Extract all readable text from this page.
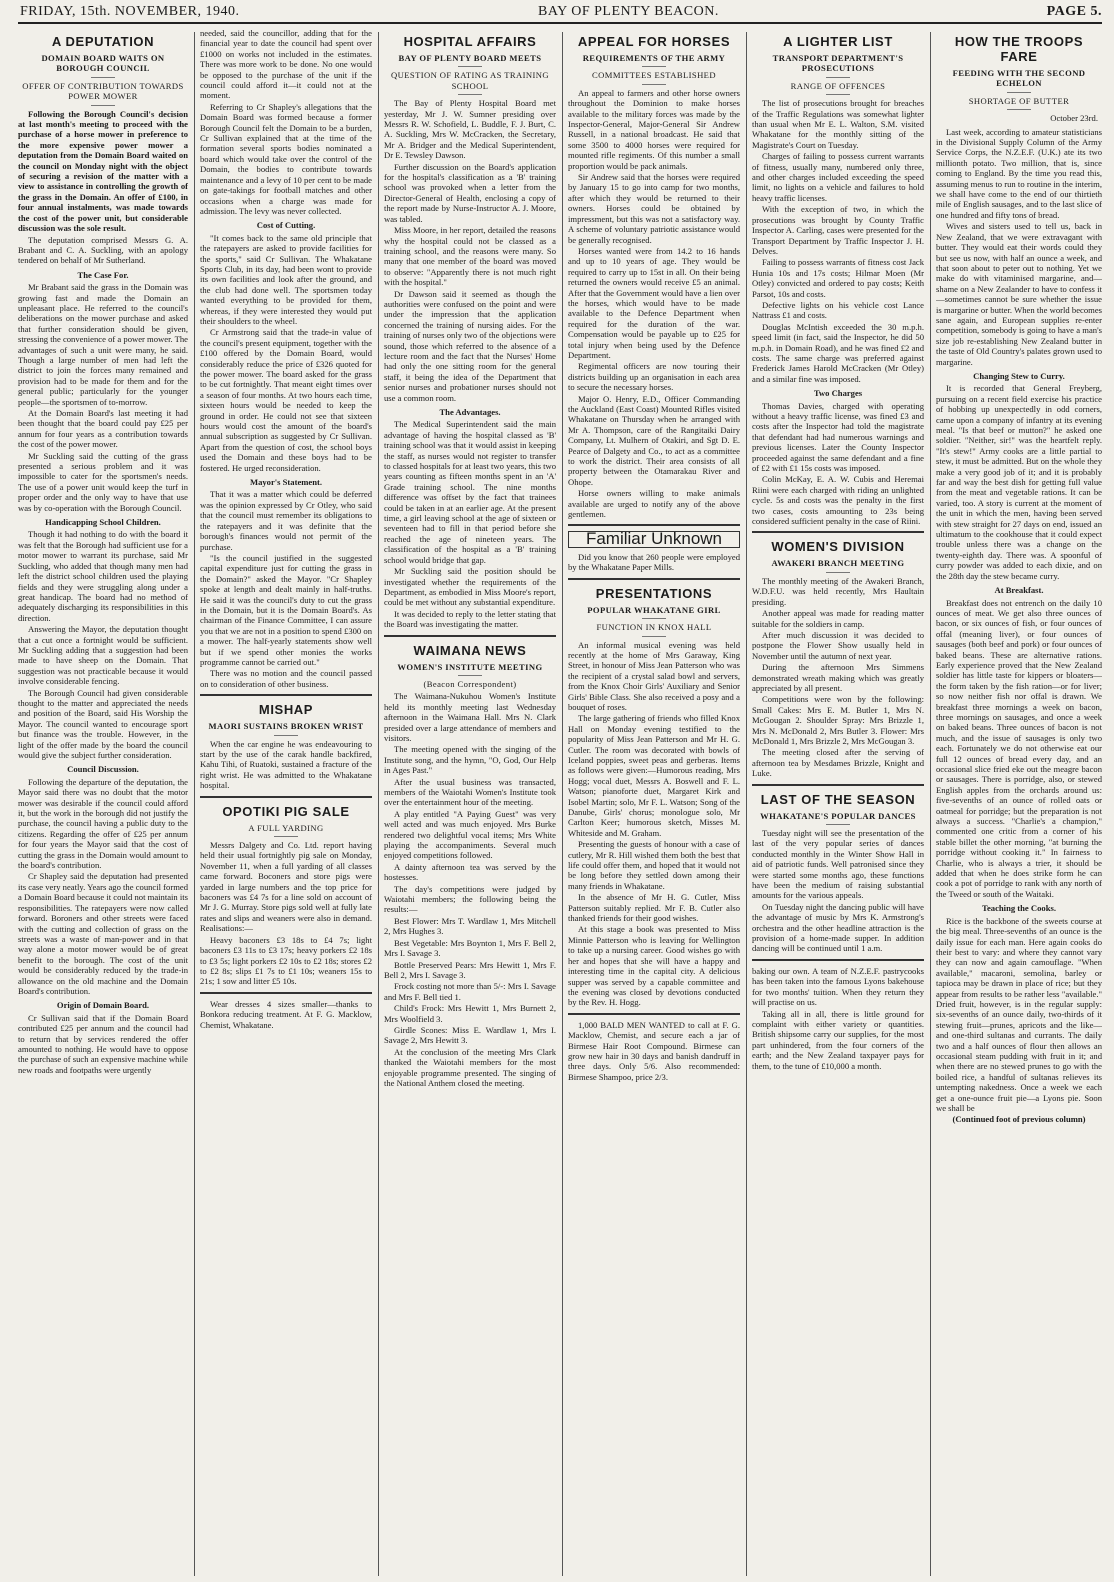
FRIDAY, 15th. NOVEMBER, 1940.	BAY OF PLENTY BEACON.	PAGE 5.
A DEPUTATION
DOMAIN BOARD WAITS ON BOROUGH COUNCIL
OFFER OF CONTRIBUTION TOWARDS POWER MOWER

Following the Borough Council's decision at last month's meeting to proceed with the purchase of a horse mower in preference to the more expensive power mower a deputation from the Domain Board waited on the council on Monday night with the object of securing a revision of the matter with a view to assistance in controlling the growth of the grass in the Domain. An offer of £100, in four annual instalments, was made towards the cost of the power unit, but considerable discussion was the sole result.

The deputation comprised Messrs G. A. Brabant and C. A. Suckling, with an apology tendered on behalf of Mr Sutherland.

The Case For.

Mr Brabant said the grass in the Domain was growing fast and made the Domain an unpleasant place. He referred to the council's deliberations on the mower purchase and asked that further consideration should be given, stressing the convenience of a power mower. The advantages of such a unit were many, he said. Though a large number of men had left the district to join the forces many remained and provision had to be made for them and for the general public; particularly for the younger people—the sportsmen of to-morrow.

At the Domain Board's last meeting it had been thought that the board could pay £25 per annum for four years as a contribution towards the cost of the power mower.

Mr Suckling said the cutting of the grass presented a serious problem and it was impossible to cater for the sportsmen's needs. The use of a power unit would keep the turf in proper order and the only way to have that use was by co-operation with the Borough Council.

Handicapping School Children.

Though it had nothing to do with the board it was felt that the Borough had sufficient use for a motor mower to warrant its purchase, said Mr Suckling, who added that though many men had left the district school children used the playing fields and they were struggling along under a great handicap. The board had no method of adequately discharging its responsibilities in this direction.

Answering the Mayor, the deputation thought that a cut once a fortnight would be sufficient. Mr Suckling adding that a suggestion had been made to have sheep on the Domain. That suggestion was not practicable because it would involve considerable fencing.

The Borough Council had given considerable thought to the matter and appreciated the needs and position of the Board, said His Worship the Mayor. The council wanted to encourage sport but finance was the trouble. However, in the light of the offer made by the board the council would give the subject further consideration.

Council Discussion.

Following the departure of the deputation, the Mayor said there was no doubt that the motor mower was desirable if the council could afford it, but the work in the borough did not justify the purchase, the council having a public duty to the citizens. Regarding the offer of £25 per annum for four years the Mayor said that the cost of cutting the grass in the Domain would amount to the board's contribution.

Cr Shapley said the deputation had presented its case very neatly. Years ago the council formed a Domain Board because it could not maintain its responsibilities. The ratepayers were now called forward. Boroners and other streets were faced with the cutting and collection of grass on the streets was a waste of man-power and in that way alone a motor mower would be of great benefit to the borough. The cost of the unit would be considerably reduced by the trade-in allowance on the old machine and the Domain Board's contribution.

Origin of Domain Board.

Cr Sullivan said that if the Domain Board contributed £25 per annum and the council had to return that by services rendered the offer amounted to nothing. He would have to oppose the purchase of such an expensive machine while new roads and footpaths were urgently

needed, said the councillor, adding that for the financial year to date the council had spent over £1000 on works not included in the estimates. There was more work to be done. No one would be opposed to the purchase of the unit if the council could afford it—it could not at the moment.

Referring to Cr Shapley's allegations that the Domain Board was formed because a former Borough Council felt the Domain to be a burden, Cr Sullivan explained that at the time of the formation several sports bodies nominated a board which would take over the control of the Domain, the bodies to contribute towards maintenance and a levy of 10 per cent to be made on gate-takings for football matches and other occasions when a charge was made for admission. The levy was never collected.

Cost of Cutting.

"It comes back to the same old principle that the ratepayers are asked to provide facilities for the sports," said Cr Sullivan. The Whakatane Sports Club, in its day, had been wont to provide its own facilities and look after the ground, and the club had done well. The sportsmen today wanted everything to be provided for them, whereas, if they were interested they would put their shoulders to the wheel.

Cr Armstrong said that the trade-in value of the council's present equipment, together with the £100 offered by the Domain Board, would considerably reduce the price of £326 quoted for the power mower. The board asked for the grass to be cut fortnightly. That meant eight times over a season of four months. At two hours each time, sixteen hours would be needed to keep the ground in order. He could not see that sixteen hours would cost the amount of the board's annual subscription as suggested by Cr Sullivan. Apart from the question of cost, the school boys used the Domain and these boys had to be fostered. He urged reconsideration.

Mayor's Statement.

That it was a matter which could be deferred was the opinion expressed by Cr Otley, who said that the council must remember its obligations to the ratepayers and it was definite that the borough's finances would not permit of the purchase.

"Is the council justified in the suggested capital expenditure just for cutting the grass in the Domain?" asked the Mayor. "Cr Shapley spoke at length and dealt mainly in half-truths. He said it was the council's duty to cut the grass in the Domain, but it is the Domain Board's. As chairman of the Finance Committee, I can assure you that we are not in a position to spend £300 on a mower. The half-yearly statements show well but if we spend other monies the works programme cannot be carried out."

There was no motion and the council passed on to consideration of other business.

MISHAP
MAORI SUSTAINS BROKEN WRIST

When the car engine he was endeavouring to start by the use of the carak handle backfired, Kahu Tihi, of Ruatoki, sustained a fracture of the right wrist. He was admitted to the Whakatane hospital.

OPOTIKI PIG SALE
A FULL YARDING

Messrs Dalgety and Co. Ltd. report having held their usual fortnightly pig sale on Monday, November 11, when a full yarding of all classes came forward. Boconers and store pigs were yarded in large numbers and the top price for baconers was £4 7s for a line sold on account of Mr J. G. Murray. Store pigs sold well at fully late rates and slips and weaners were also in demand. Realisations:—

Heavy baconers £3 18s to £4 7s; light baconers £3 11s to £3 17s; heavy porkers £2 18s to £3 5s; light porkers £2 10s to £2 18s; stores £2 to £2 8s; slips £1 7s to £1 10s; weaners 15s to 21s; 1 sow and litter £5 10s.

Wear dresses 4 sizes smaller—thanks to Bonkora reducing treatment. At F. G. Macklow, Chemist, Whakatane.

HOSPITAL AFFAIRS
BAY OF PLENTY BOARD MEETS
QUESTION OF RATING AS TRAINING SCHOOL

The Bay of Plenty Hospital Board met yesterday, Mr J. W. Sumner presiding over Messrs R. W. Schofield, L. Buddle, F. J. Burt, C. A. Suckling, Mrs W. McCracken, the Secretary, Mr A. Bridger and the Medical Superintendent, Dr E. Tewsley Dawson.

Further discussion on the Board's application for the hospital's classification as a 'B' training school was provoked when a letter from the Director-General of Health, enclosing a copy of the report made by Nurse-Instructor A. J. Moore, was tabled.

Miss Moore, in her report, detailed the reasons why the hospital could not be classed as a training school, and the reasons were many. So many that one member of the board was moved to observe: "Apparently there is not much right with the hospital."

Dr Dawson said it seemed as though the authorities were confused on the point and were under the impression that the application concerned the training of nursing aides. For the training of nurses only two of the objections were sound, those which referred to the absence of a lecture room and the fact that the Nurses' Home had only the one sitting room for the general staff, it being the idea of the Department that senior nurses and probationer nurses should not use a common room.

The Advantages.

The Medical Superintendent said the main advantage of having the hospital classed as 'B' training school was that it would assist in keeping the staff, as nurses would not register to transfer to classed hospitals for at least two years, this two years counting as fifteen months spent in an 'A' Grade training school. The nine months difference was offset by the fact that trainees could be taken in at an earlier age. At the present time, a girl leaving school at the age of sixteen or seventeen had to fill in that period before she reached the age of nineteen years. The classification of the hospital as a 'B' training school would bridge that gap.

Mr Suckling said the position should be investigated whether the requirements of the Department, as embodied in Miss Moore's report, could be met without any substantial expenditure.

It was decided to reply to the letter stating that the Board was investigating the matter.

WAIMANA NEWS
WOMEN'S INSTITUTE MEETING
(Beacon Correspondent)

The Waimana-Nukuhou Women's Institute held its monthly meeting last Wednesday afternoon in the Waimana Hall. Mrs N. Clark presided over a large attendance of members and visitors.

The meeting opened with the singing of the Institute song, and the hymn, "O, God, Our Help in Ages Past."

After the usual business was transacted, members of the Waiotahi Women's Institute took over the entertainment hour of the meeting.

A play entitled "A Paying Guest" was very well acted and was much enjoyed. Mrs Burke rendered two delightful vocal items; Mrs White playing the accompaniments. Several much enjoyed competitions followed.

A dainty afternoon tea was served by the hostesses.

The day's competitions were judged by Waiotahi members; the following being the results:—

Best Flower: Mrs T. Wardlaw 1, Mrs Mitchell 2, Mrs Hughes 3.

Best Vegetable: Mrs Boynton 1, Mrs F. Bell 2, Mrs I. Savage 3.

Bottle Preserved Pears: Mrs Hewitt 1, Mrs F. Bell 2, Mrs I. Savage 3.

Frock costing not more than 5/-: Mrs I. Savage and Mrs F. Bell tied 1.

Child's Frock: Mrs Hewitt 1, Mrs Burnett 2, Mrs Woolfield 3.

Girdle Scones: Miss E. Wardlaw 1, Mrs I. Savage 2, Mrs Hewitt 3.

At the conclusion of the meeting Mrs Clark thanked the Waiotahi members for the most enjoyable programme presented. The singing of the National Anthem closed the meeting.

APPEAL FOR HORSES
REQUIREMENTS OF THE ARMY
COMMITTEES ESTABLISHED

An appeal to farmers and other horse owners throughout the Dominion to make horses available to the military forces was made by the Inspector-General, Major-General Sir Andrew Russell, in a national broadcast. He said that some 3500 to 4000 horses were required for mounted rifle regiments. Of this number a small proportion would be pack animals.

Sir Andrew said that the horses were required by January 15 to go into camp for two months, after which they would be returned to their owners. Horses could be obtained by impressment, but this was not a satisfactory way. A scheme of voluntary patriotic assistance would be generally recognised.

Horses wanted were from 14.2 to 16 hands and up to 10 years of age. They would be required to carry up to 15st in all. On their being returned the owners would receive £5 an animal. After that the Government would have a lien over the horses, which would have to be made available to the Defence Department when required for the duration of the war. Compensation would be payable up to £25 for total injury when being used by the Defence Department.

Regimental officers are now touring their districts building up an organisation in each area to secure the necessary horses.

Major O. Henry, E.D., Officer Commanding the Auckland (East Coast) Mounted Rifles visited Whakatane on Thursday when he arranged with Mr A. Thompson, care of the Rangitaiki Dairy Company, Lt. Mulhern of Otakiri, and Sgt D. E. Pearce of Dalgety and Co., to act as a committee to work the district. Their area consists of all property between the Otamarakau River and Ohope.

Horse owners willing to make animals available are urged to notify any of the above gentlemen.

Familiar Unknown

Did you know that 260 people were employed by the Whakatane Paper Mills.

PRESENTATIONS
POPULAR WHAKATANE GIRL
FUNCTION IN KNOX HALL

An informal musical evening was held recently at the home of Mrs Garaway, King Street, in honour of Miss Jean Patterson who was the recipient of a crystal salad bowl and servers, from the Knox Choir Girls' Auxiliary and Senior Girls' Bible Class. She also received a posy and a bouquet of roses.

The large gathering of friends who filled Knox Hall on Monday evening testified to the popularity of Miss Jean Patterson and Mr H. G. Cutler. The room was decorated with bowls of Iceland poppies, sweet peas and gerberas. Items as follows were given:—Humorous reading, Mrs Hogg; vocal duet, Messrs A. Boswell and F. L. Watson; pianoforte duet, Margaret Kirk and Isobel Martin; solo, Mr F. L. Watson; Song of the Danube, Girls' chorus; monologue solo, Mr Carlton Keer; humorous sketch, Misses M. Whiteside and M. Graham.

Presenting the guests of honour with a case of cutlery, Mr R. Hill wished them both the best that life could offer them, and hoped that it would not be long before they settled down among their many friends in Whakatane.

In the absence of Mr H. G. Cutler, Miss Patterson suitably replied. Mr F. B. Cutler also thanked friends for their good wishes.

At this stage a book was presented to Miss Minnie Patterson who is leaving for Wellington to take up a nursing career. Good wishes go with her and hopes that she will have a happy and interesting time in the capital city. A delicious supper was served by a capable committee and the evening was closed by devotions conducted by the Rev. H. Hogg.

1,000 BALD MEN WANTED to call at F. G. Macklow, Chemist, and secure each a jar of Birmese Hair Root Compound. Birmese can grow new hair in 30 days and banish dandruff in three days. Only 5/6. Also recommended: Birmese Shampoo, price 2/3.

A LIGHTER LIST
TRANSPORT DEPARTMENT'S PROSECUTIONS
RANGE OF OFFENCES

The list of prosecutions brought for breaches of the Traffic Regulations was somewhat lighter than usual when Mr E. L. Walton, S.M. visited Whakatane for the monthly sitting of the Magistrate's Court on Tuesday.

Charges of failing to possess current warrants of fitness, usually many, numbered only three, and other charges included exceeding the speed limit, no lights on a vehicle and failures to hold heavy traffic licenses.

With the exception of two, in which the prosecutions was brought by County Traffic Inspector A. Carling, cases were presented for the Transport Department by Traffic Inspector J. H. Delves.

Failing to possess warrants of fitness cost Jack Hunia 10s and 17s costs; Hilmar Moen (Mr Otley) convicted and ordered to pay costs; Keith Parsot, 10s and costs.

Defective lights on his vehicle cost Lance Nattrass £1 and costs.

Douglas McIntish exceeded the 30 m.p.h. speed limit (in fact, said the Inspector, he did 50 m.p.h. in Domain Road), and he was fined £2 and costs. The same charge was preferred against Frederick James Harold McCracken (Mr Otley) and a similar fine was imposed.

Two Charges

Thomas Davies, charged with operating without a heavy traffic license, was fined £3 and costs after the Inspector had told the magistrate that defendant had had numerous warnings and previous licenses. Later the County Inspector proceeded against the same defendant and a fine of £2 with £1 15s costs was imposed.

Colin McKay, E. A. W. Cubis and Heremai Riini were each charged with riding an unlighted cycle. 5s and costs was the penalty in the first two cases, costs amounting to 23s being considered sufficient penalty in the case of Riini.

WOMEN'S DIVISION
AWAKERI BRANCH MEETING

The monthly meeting of the Awakeri Branch, W.D.F.U. was held recently, Mrs Haultain presiding.

Another appeal was made for reading matter suitable for the soldiers in camp.

After much discussion it was decided to postpone the Flower Show usually held in November until the autumn of next year.

During the afternoon Mrs Simmens demonstrated wreath making which was greatly appreciated by all present.

Competitions were won by the following: Small Cakes: Mrs E. M. Butler 1, Mrs N. McGougan 2. Shoulder Spray: Mrs Brizzle 1, Mrs N. McDonald 2, Mrs Butler 3. Flower: Mrs McDonald 1, Mrs Brizzle 2, Mrs McGougan 3.

The meeting closed after the serving of afternoon tea by Mesdames Brizzle, Knight and Luke.

LAST OF THE SEASON
WHAKATANE'S POPULAR DANCES

Tuesday night will see the presentation of the last of the very popular series of dances conducted monthly in the Winter Show Hall in aid of patriotic funds. Well patronised since they were started some months ago, these functions have been the medium of raising substantial amounts for the various appeals.

On Tuesday night the dancing public will have the advantage of music by Mrs K. Armstrong's orchestra and the other headline attraction is the provision of a home-made supper. In addition dancing will be continued until 1 a.m.

baking our own. A team of N.Z.E.F. pastrycooks has been taken into the famous Lyons bakehouse for two months' tuition. When they return they will practise on us.

Taking all in all, there is little ground for complaint with either variety or quantities. British shipsome carry our supplies, for the most part unhindered, from the four corners of the earth; and the New Zealand taxpayer pays for them, to the tune of £10,000 a month.

HOW THE TROOPS FARE
FEEDING WITH THE SECOND ECHELON
SHORTAGE OF BUTTER
October 23rd.

Last week, according to amateur statisticians in the Divisional Supply Column of the Army Service Corps, the N.Z.E.F. (U.K.) ate its two millionth potato. Two million, that is, since coming to England. By the time you read this, assuming menus to run to routine in the interim, we shall have come to the end of our thirtieth mile of English sausages, and to the last slice of one hundred and fifty tons of bread.

Wives and sisters used to tell us, back in New Zealand, that we were extravagant with butter. They would eat their words could they but see us now, with half an ounce a week, and that soon about to peter out to nothing. Yet we make do with vitaminised margarine, and—shame on a New Zealander to have to confess it—sometimes cannot be sure whether the issue is margarine or butter. When the world becomes sane again, and European supplies re-enter competition, somebody is going to have a man's size job re-establishing New Zealand butter in the taste of Old Country's palates grown used to margarine.

Changing Stew to Curry.

It is recorded that General Freyberg, pursuing on a recent field exercise his practice of hobbing up unexpectedly in odd corners, came upon a company of infantry at its evening meal. "Is that beef or mutton?" he asked one soldier. "Neither, sir!" was the heartfelt reply. "It's stew!" Army cooks are a little partial to stew, it must be admitted. But on the whole they make a very good job of it; and it is probably far and way the best dish for getting full value from the meat and vegetable rations. It can be varied, too. A story is current at the moment of the unit in which the men, having been served with stew straight for 27 days on end, issued an ultimatum to the cookhouse that it could expect trouble unless there was a change on the twenty-eighth day. There was. A spoonful of curry powder was added to each dixie, and on the 28th day the stew became curry.

At Breakfast.

Breakfast does not entrench on the daily 10 ounces of meat. We get also three ounces of bacon, or six ounces of fish, or four ounces of offal (meaning liver), or four ounces of sausages (both beef and pork) or four ounces of baked beans. These are alternative rations. Early experience proved that the New Zealand soldier has little taste for kippers or bloaters—the form taken by the fish ration—or for liver; so now neither fish nor offal is drawn. We breakfast three mornings a week on bacon, three mornings on sausages, and once a week on baked beans. Three ounces of bacon is not much, and the issue of sausages is only two each. Fortunately we do not otherwise eat our full 12 ounces of bread every day, and an occasional slice fried eke out the meagre bacon or sausages. There is porridge, also, or stewed English apples from the orchards around us: five-sevenths of an ounce of rolled oats or oatmeal for porridge; but the preparation is not always a success. "Charlie's a champion," commented one critic from a corner of his stable billet the other morning, "at burning the porridge without cooking it." In fairness to Charlie, who is always a trier, it should be added that when he does strike form he can cook a pot of porridge to rank with any north of the Tweed or south of the Waitaki.

Teaching the Cooks.

Rice is the backbone of the sweets course at the big meal. Three-sevenths of an ounce is the daily issue for each man. Here again cooks do their best to vary: and where they cannot vary they can now and again camouflage. "When available," macaroni, semolina, barley or tapioca may be drawn in place of rice; but they appear from results to be rather less "available." Dried fruit, however, is in the regular supply: six-sevenths of an ounce daily, two-thirds of it stewing fruit—prunes, apricots and the like—and one-third sultanas and currants. The daily two and a half ounces of flour then allows an occasional steam pudding with fruit in it; and when there are no stewed prunes to go with the boiled rice, a handful of sultanas relieves its untempting nakedness. Once a week we each get a one-ounce fruit pie—a Lyons pie. Soon we shall be

(Continued foot of previous column)
